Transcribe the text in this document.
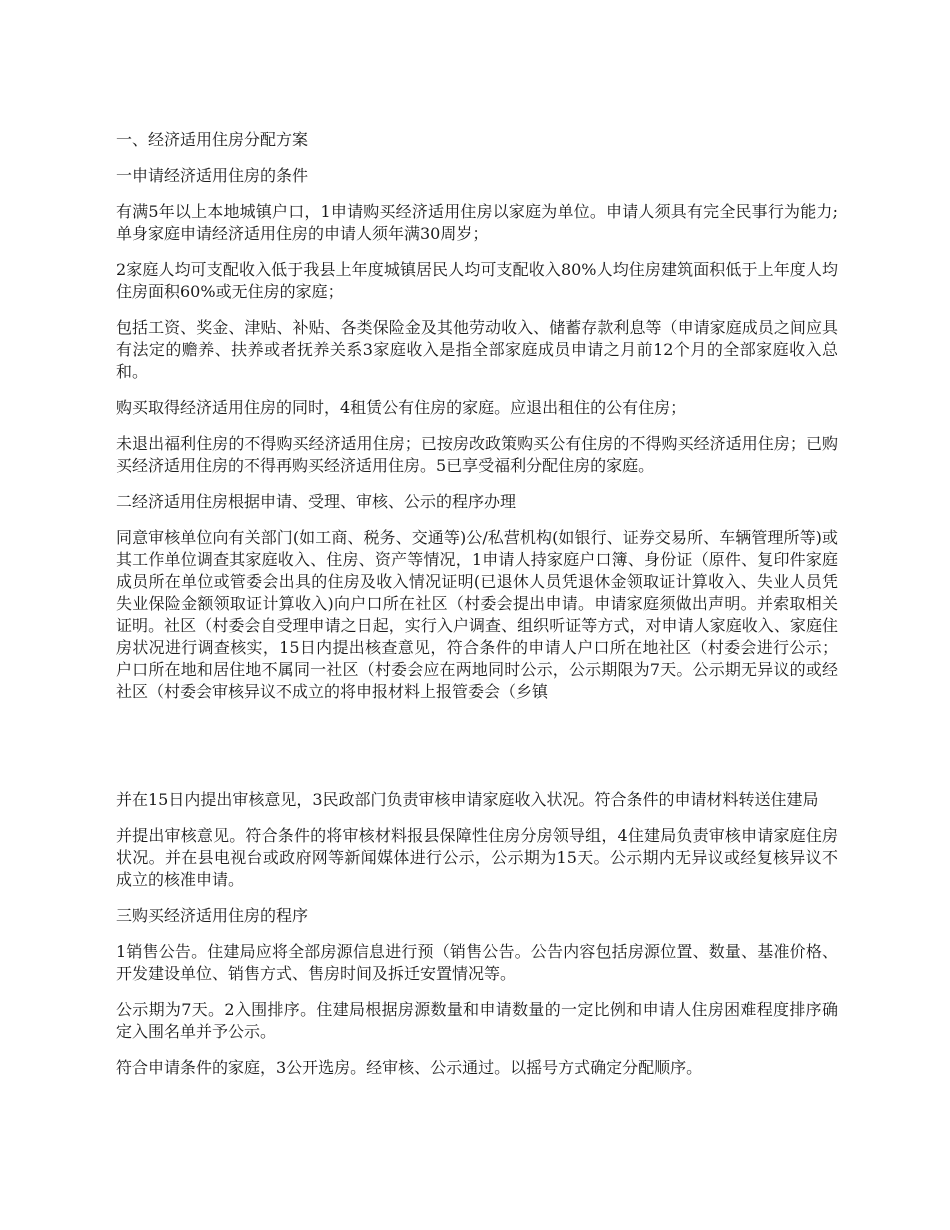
一、经济适用住房分配方案

一申请经济适用住房的条件

有满5年以上本地城镇户口，1申请购买经济适用住房以家庭为单位。申请人须具有完全民事行为能力;单身家庭申请经济适用住房的申请人须年满30周岁；

2家庭人均可支配收入低于我县上年度城镇居民人均可支配收入80%人均住房建筑面积低于上年度人均住房面积60%或无住房的家庭；

包括工资、奖金、津贴、补贴、各类保险金及其他劳动收入、储蓄存款利息等（申请家庭成员之间应具有法定的赡养、扶养或者抚养关系3家庭收入是指全部家庭成员申请之月前12个月的全部家庭收入总和。

购买取得经济适用住房的同时，4租赁公有住房的家庭。应退出租住的公有住房；

未退出福利住房的不得购买经济适用住房；已按房改政策购买公有住房的不得购买经济适用住房；已购买经济适用住房的不得再购买经济适用住房。5已享受福利分配住房的家庭。

二经济适用住房根据申请、受理、审核、公示的程序办理

同意审核单位向有关部门(如工商、税务、交通等)公/私营机构(如银行、证券交易所、车辆管理所等)或其工作单位调查其家庭收入、住房、资产等情况，1申请人持家庭户口簿、身份证（原件、复印件家庭成员所在单位或管委会出具的住房及收入情况证明(已退休人员凭退休金领取证计算收入、失业人员凭失业保险金额领取证计算收入)向户口所在社区（村委会提出申请。申请家庭须做出声明。并索取相关证明。社区（村委会自受理申请之日起，实行入户调查、组织听证等方式，对申请人家庭收入、家庭住房状况进行调查核实，15日内提出核查意见，符合条件的申请人户口所在地社区（村委会进行公示；户口所在地和居住地不属同一社区（村委会应在两地同时公示，公示期限为7天。公示期无异议的或经社区（村委会审核异议不成立的将申报材料上报管委会（乡镇

并在15日内提出审核意见，3民政部门负责审核申请家庭收入状况。符合条件的申请材料转送住建局

并提出审核意见。符合条件的将审核材料报县保障性住房分房领导组，4住建局负责审核申请家庭住房状况。并在县电视台或政府网等新闻媒体进行公示，公示期为15天。公示期内无异议或经复核异议不成立的核准申请。

三购买经济适用住房的程序

1销售公告。住建局应将全部房源信息进行预（销售公告。公告内容包括房源位置、数量、基准价格、开发建设单位、销售方式、售房时间及拆迁安置情况等。

公示期为7天。2入围排序。住建局根据房源数量和申请数量的一定比例和申请人住房困难程度排序确定入围名单并予公示。

符合申请条件的家庭，3公开选房。经审核、公示通过。以摇号方式确定分配顺序。
